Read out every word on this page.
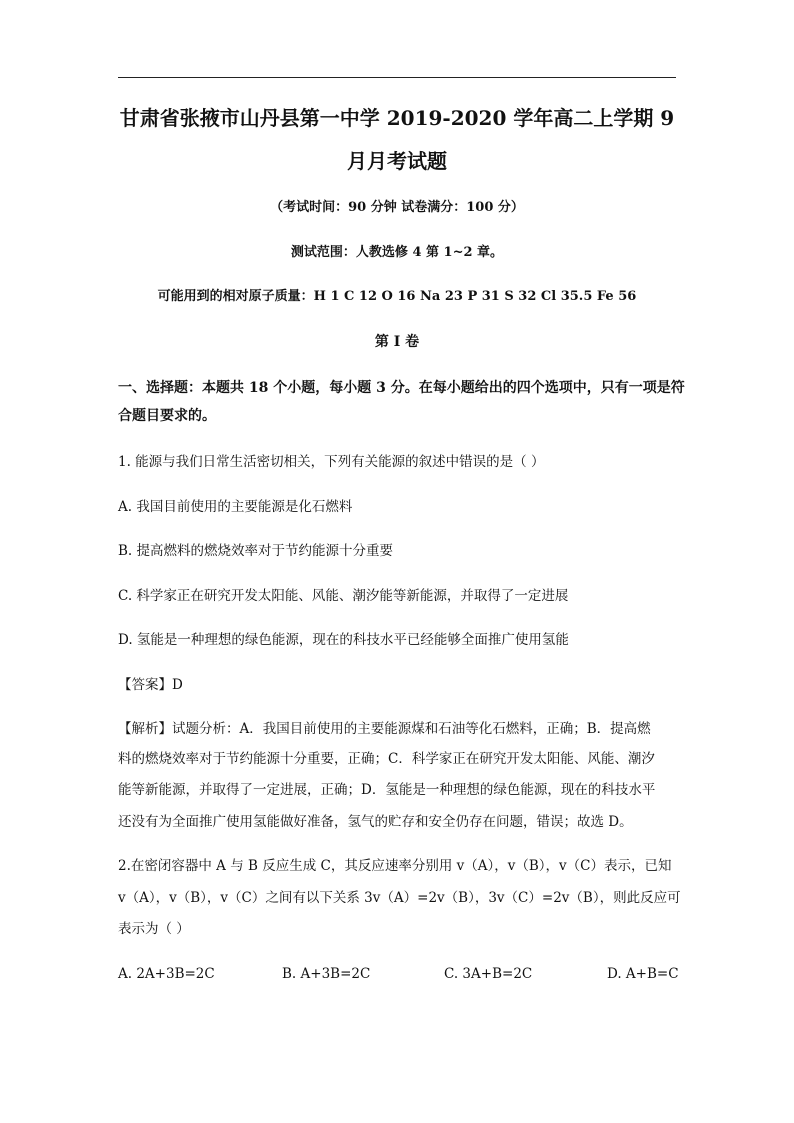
甘肃省张掖市山丹县第一中学 2019-2020 学年高二上学期 9
月月考试题
（考试时间：90 分钟 试卷满分：100 分）
测试范围：人教选修 4 第 1~2 章。
可能用到的相对原子质量：H 1 C 12 O 16 Na 23 P 31 S 32 Cl 35.5 Fe 56
第 I 卷
一、选择题：本题共 18 个小题，每小题 3 分。在每小题给出的四个选项中，只有一项是符
合题目要求的。
1. 能源与我们日常生活密切相关，下列有关能源的叙述中错误的是（ ）
A. 我国目前使用的主要能源是化石燃料
B. 提高燃料的燃烧效率对于节约能源十分重要
C. 科学家正在研究开发太阳能、风能、潮汐能等新能源，并取得了一定进展
D. 氢能是一种理想的绿色能源，现在的科技水平已经能够全面推广使用氢能
【答案】D
【解析】试题分析：A．我国目前使用的主要能源煤和石油等化石燃料，正确；B．提高燃
料的燃烧效率对于节约能源十分重要，正确；C．科学家正在研究开发太阳能、风能、潮汐
能等新能源，并取得了一定进展，正确；D．氢能是一种理想的绿色能源，现在的科技水平
还没有为全面推广使用氢能做好准备，氢气的贮存和安全仍存在问题，错误；故选 D。
2.在密闭容器中 A 与 B 反应生成 C，其反应速率分别用 v（A），v（B），v（C）表示，已知
v（A），v（B），v（C）之间有以下关系 3v（A）=2v（B），3v（C）=2v（B），则此反应可
表示为（ ）
A. 2A+3B=2C	B. A+3B=2C	C. 3A+B=2C	D. A+B=C
